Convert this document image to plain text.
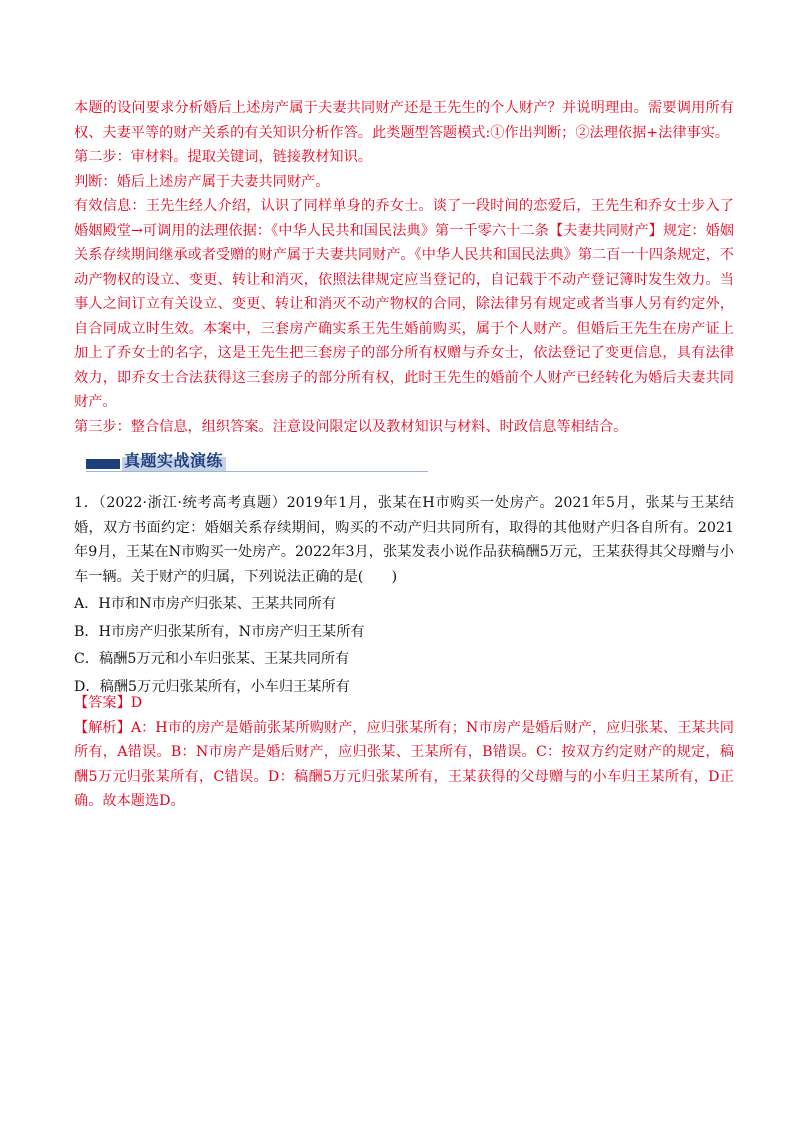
本题的设问要求分析婚后上述房产属于夫妻共同财产还是王先生的个人财产？并说明理由。需要调用所有权、夫妻平等的财产关系的有关知识分析作答。此类题型答题模式:①作出判断；②法理依据+法律事实。

第二步：审材料。提取关键词，链接教材知识。

判断：婚后上述房产属于夫妻共同财产。

有效信息：王先生经人介绍，认识了同样单身的乔女士。谈了一段时间的恋爱后，王先生和乔女士步入了婚姻殿堂→可调用的法理依据：《中华人民共和国民法典》第一千零六十二条【夫妻共同财产】规定：婚姻关系存续期间继承或者受赠的财产属于夫妻共同财产。《中华人民共和国民法典》第二百一十四条规定，不动产物权的设立、变更、转让和消灭，依照法律规定应当登记的，自记载于不动产登记簿时发生效力。当事人之间订立有关设立、变更、转让和消灭不动产物权的合同，除法律另有规定或者当事人另有约定外，自合同成立时生效。本案中，三套房产确实系王先生婚前购买，属于个人财产。但婚后王先生在房产证上加上了乔女士的名字，这是王先生把三套房子的部分所有权赠与乔女士，依法登记了变更信息，具有法律效力，即乔女士合法获得这三套房子的部分所有权，此时王先生的婚前个人财产已经转化为婚后夫妻共同财产。

第三步：整合信息，组织答案。注意设问限定以及教材知识与材料、时政信息等相结合。

真题实战演练

1．（2022·浙江·统考高考真题）2019年1月，张某在H市购买一处房产。2021年5月，张某与王某结婚，双方书面约定：婚姻关系存续期间，购买的不动产归共同所有，取得的其他财产归各自所有。2021年9月，王某在N市购买一处房产。2022年3月，张某发表小说作品获稿酬5万元，王某获得其父母赠与小车一辆。关于财产的归属，下列说法正确的是(　　)

A．H市和N市房产归张某、王某共同所有

B．H市房产归张某所有，N市房产归王某所有

C．稿酬5万元和小车归张某、王某共同所有

D．稿酬5万元归张某所有，小车归王某所有

【答案】D

【解析】A：H市的房产是婚前张某所购财产，应归张某所有；N市房产是婚后财产，应归张某、王某共同所有，A错误。B：N市房产是婚后财产，应归张某、王某所有，B错误。C：按双方约定财产的规定，稿酬5万元归张某所有，C错误。D：稿酬5万元归张某所有，王某获得的父母赠与的小车归王某所有，D正确。故本题选D。
